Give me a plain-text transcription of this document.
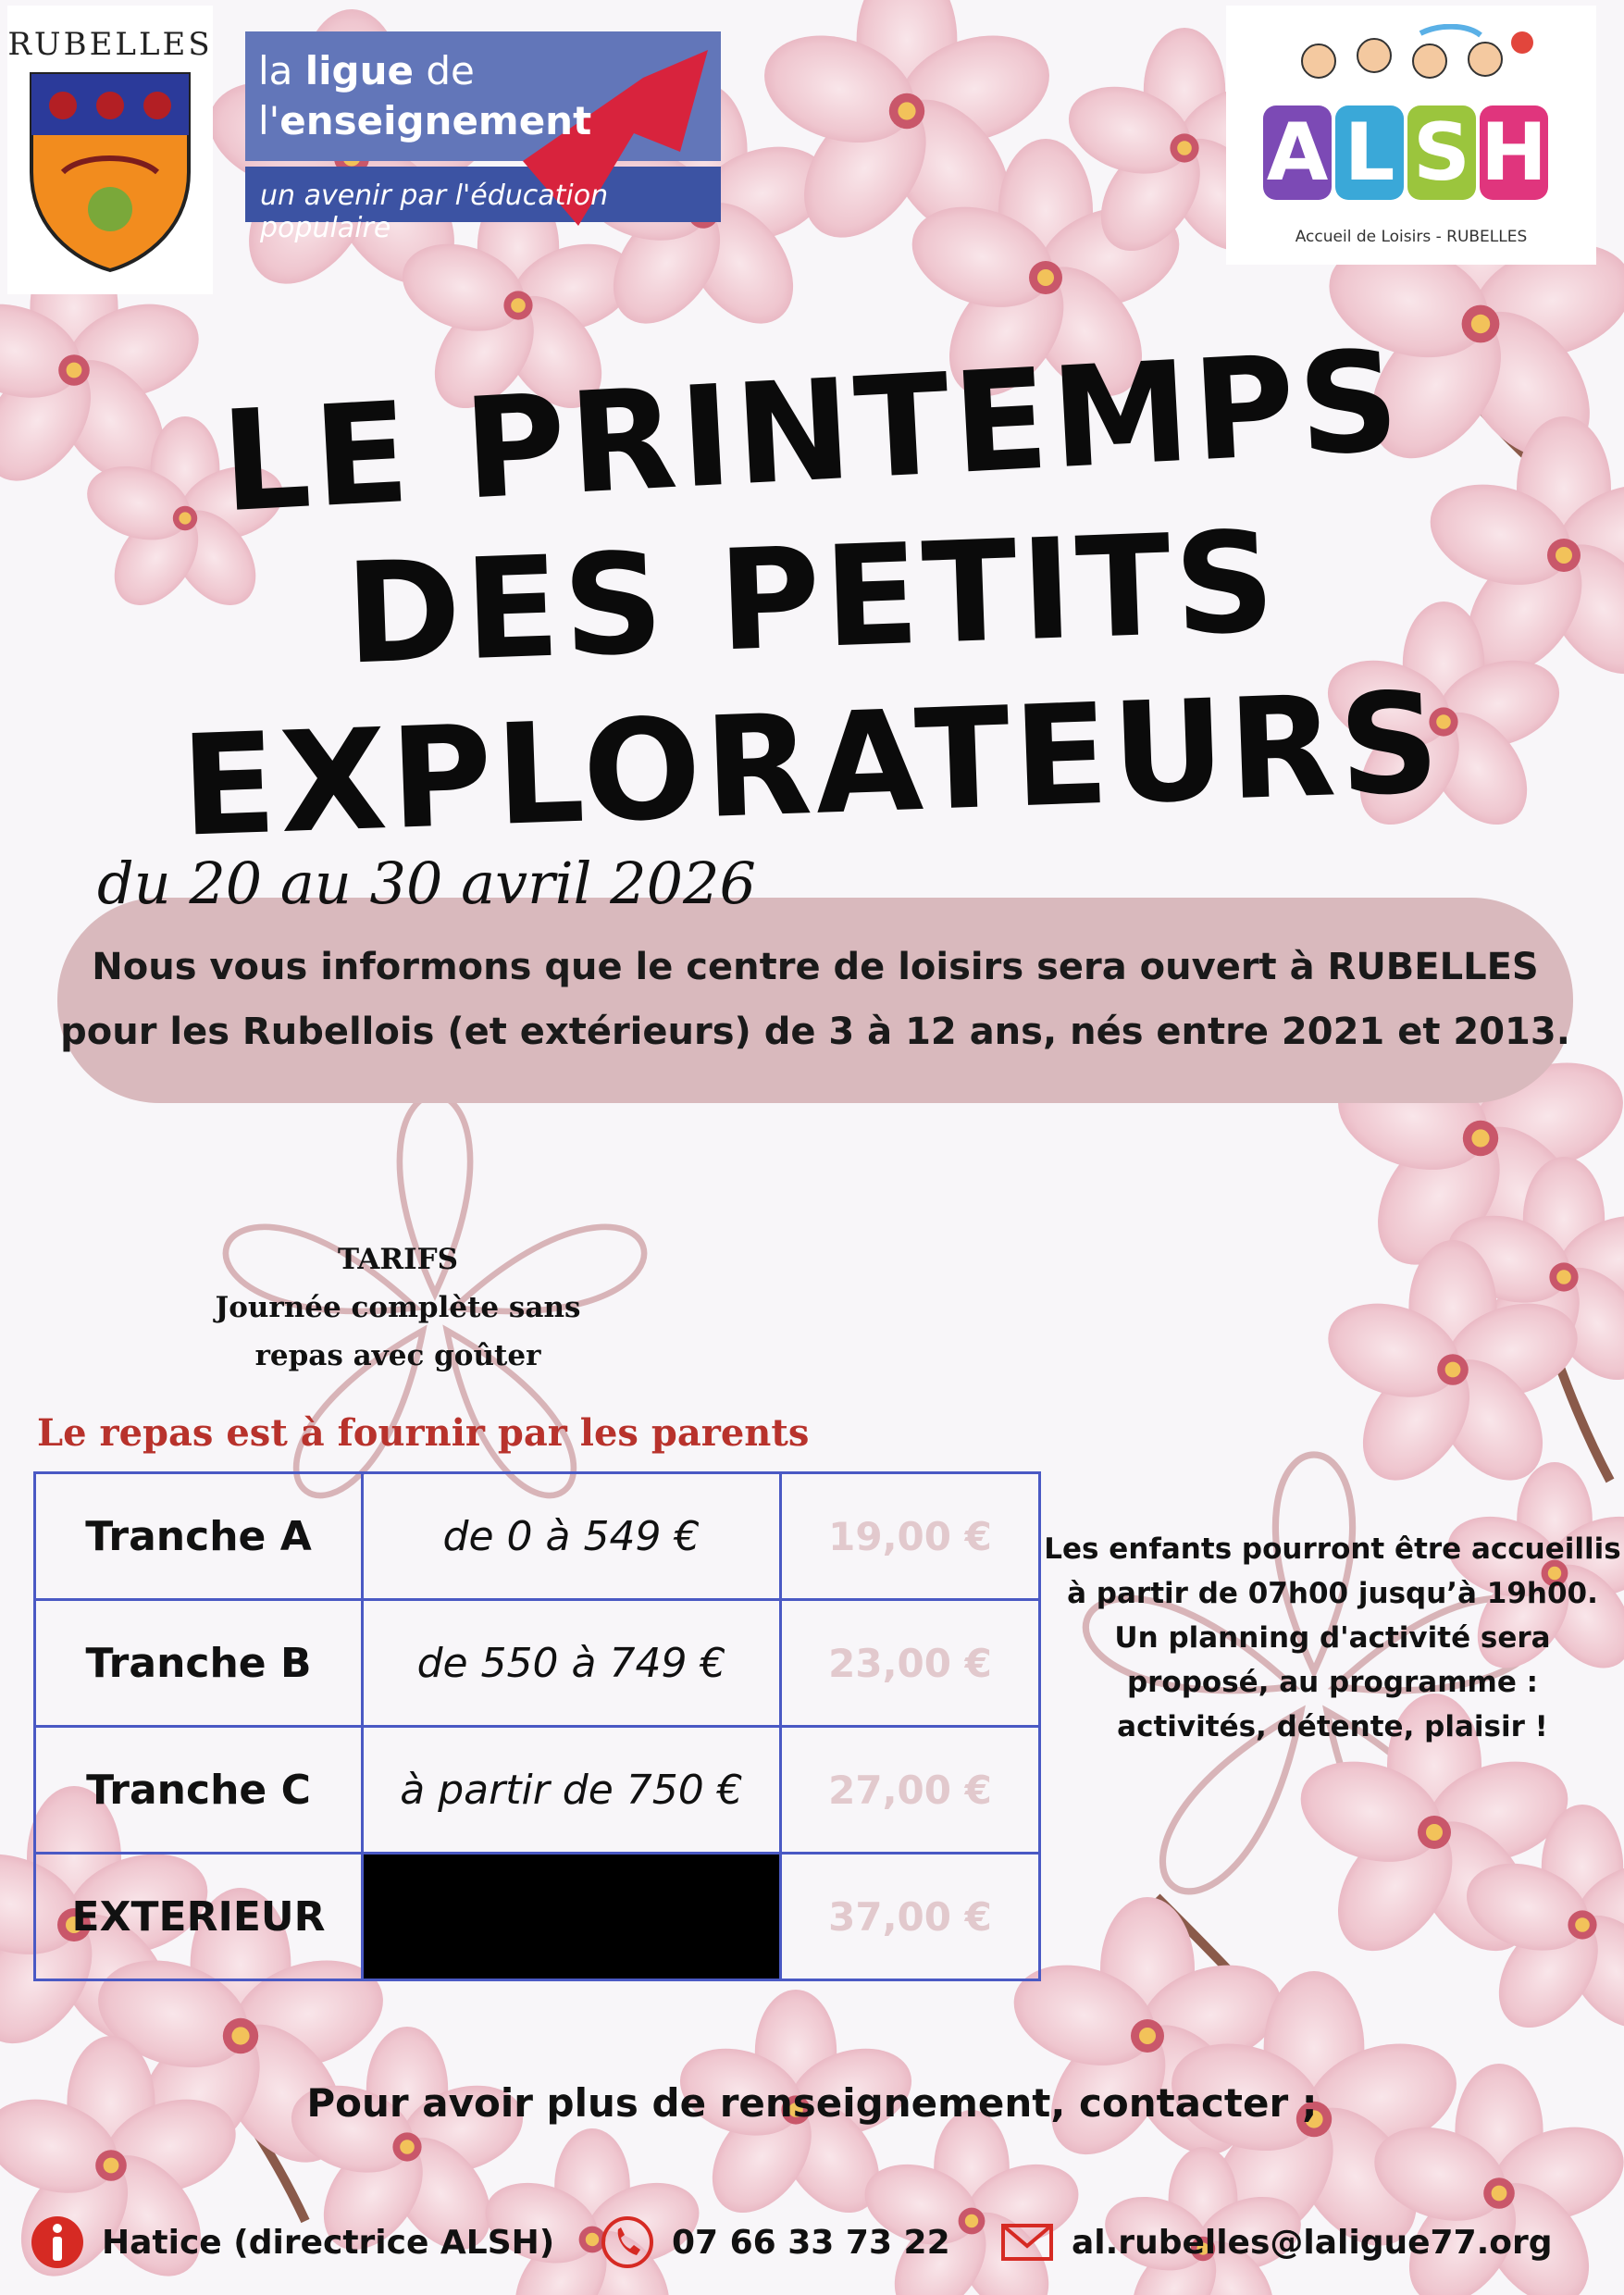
RUBELLES
la ligue de
l'enseignement
un avenir par l'éducation populaire
A L S H
Accueil de Loisirs - RUBELLES
LE PRINTEMPS
DES PETITS
EXPLORATEURS

Nous vous informons que le centre de loisirs sera ouvert à RUBELLES

pour les Rubellois (et extérieurs) de 3 à 12 ans, nés entre 2021 et 2013.

du 20 au 30 avril 2026
TARIFS
Journée complète sans
repas avec goûter
Le repas est à fournir par les parents
Tranche A	de 0 à 549 €	19,00 €
Tranche B	de 550 à 749 €	23,00 €
Tranche C	à partir de 750 €	27,00 €
EXTERIEUR		37,00 €
Les enfants pourront être accueillis
à partir de 07h00 jusqu’à 19h00.
Un planning d'activité sera
proposé, au programme :
activités, détente, plaisir !
Pour avoir plus de renseignement, contacter ;
Hatice (directrice ALSH)	07 66 33 73 22	al.rubelles@laligue77.org
